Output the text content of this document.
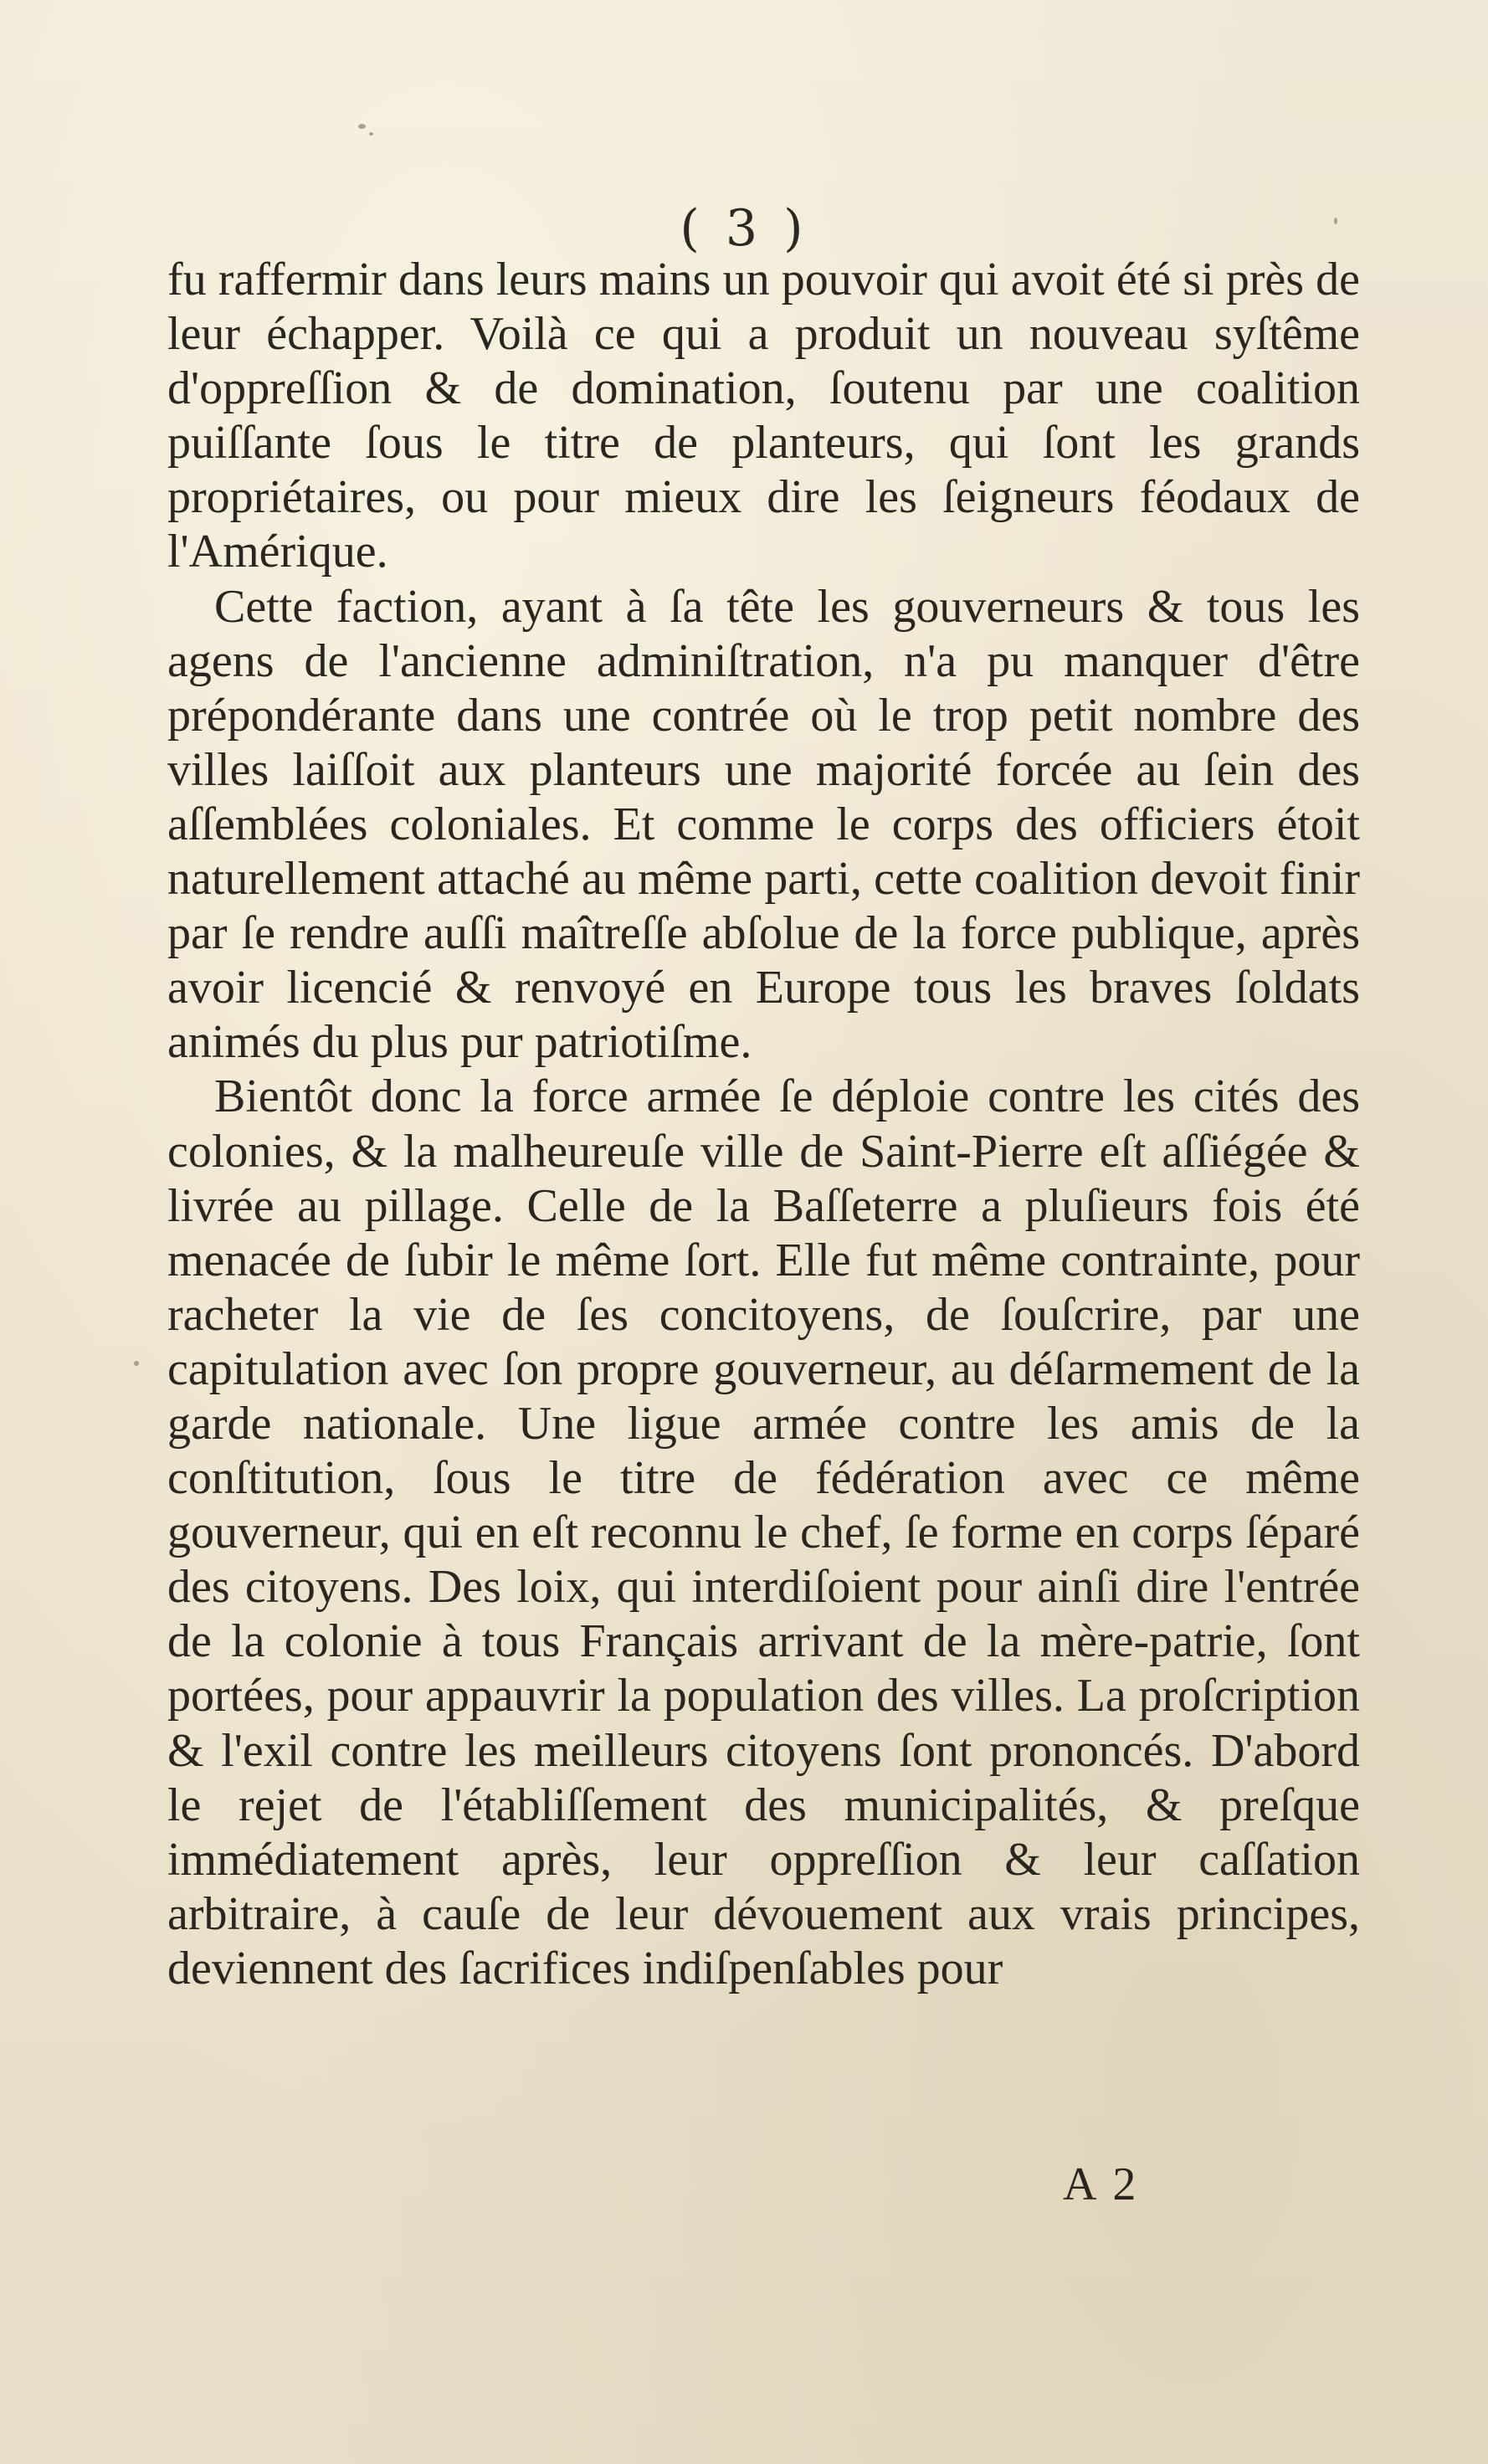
( 3 )

fu raffermir dans leurs mains un pouvoir qui avoit été si près de leur échapper. Voilà ce qui a produit un nouveau syſtême d'oppreſſion & de domination, ſoutenu par une coalition puiſſante ſous le titre de planteurs, qui ſont les grands propriétaires, ou pour mieux dire les ſeigneurs féodaux de l'Amérique.

Cette faction, ayant à ſa tête les gouverneurs & tous les agens de l'ancienne adminiſtration, n'a pu manquer d'être prépondérante dans une contrée où le trop petit nombre des villes laiſſoit aux planteurs une majorité forcée au ſein des aſſemblées coloniales. Et comme le corps des officiers étoit naturellement attaché au même parti, cette coalition devoit finir par ſe rendre auſſi maîtreſſe abſolue de la force publique, après avoir licencié & renvoyé en Europe tous les braves ſoldats animés du plus pur patriotiſme.

Bientôt donc la force armée ſe déploie contre les cités des colonies, & la malheureuſe ville de Saint-Pierre eſt aſſiégée & livrée au pillage. Celle de la Baſſeterre a pluſieurs fois été menacée de ſubir le même ſort. Elle fut même contrainte, pour racheter la vie de ſes concitoyens, de ſouſcrire, par une capitulation avec ſon propre gouverneur, au déſarmement de la garde nationale. Une ligue armée contre les amis de la conſtitution, ſous le titre de fédération avec ce même gouverneur, qui en eſt reconnu le chef, ſe forme en corps ſéparé des citoyens. Des loix, qui interdiſoient pour ainſi dire l'entrée de la colonie à tous Français arrivant de la mère-patrie, ſont portées, pour appauvrir la population des villes. La proſcription & l'exil contre les meilleurs citoyens ſont prononcés. D'abord le rejet de l'établiſſement des municipalités, & preſque immédiatement après, leur oppreſſion & leur caſſation arbitraire, à cauſe de leur dévouement aux vrais principes, deviennent des ſacrifices indiſpenſables pour

A 2
